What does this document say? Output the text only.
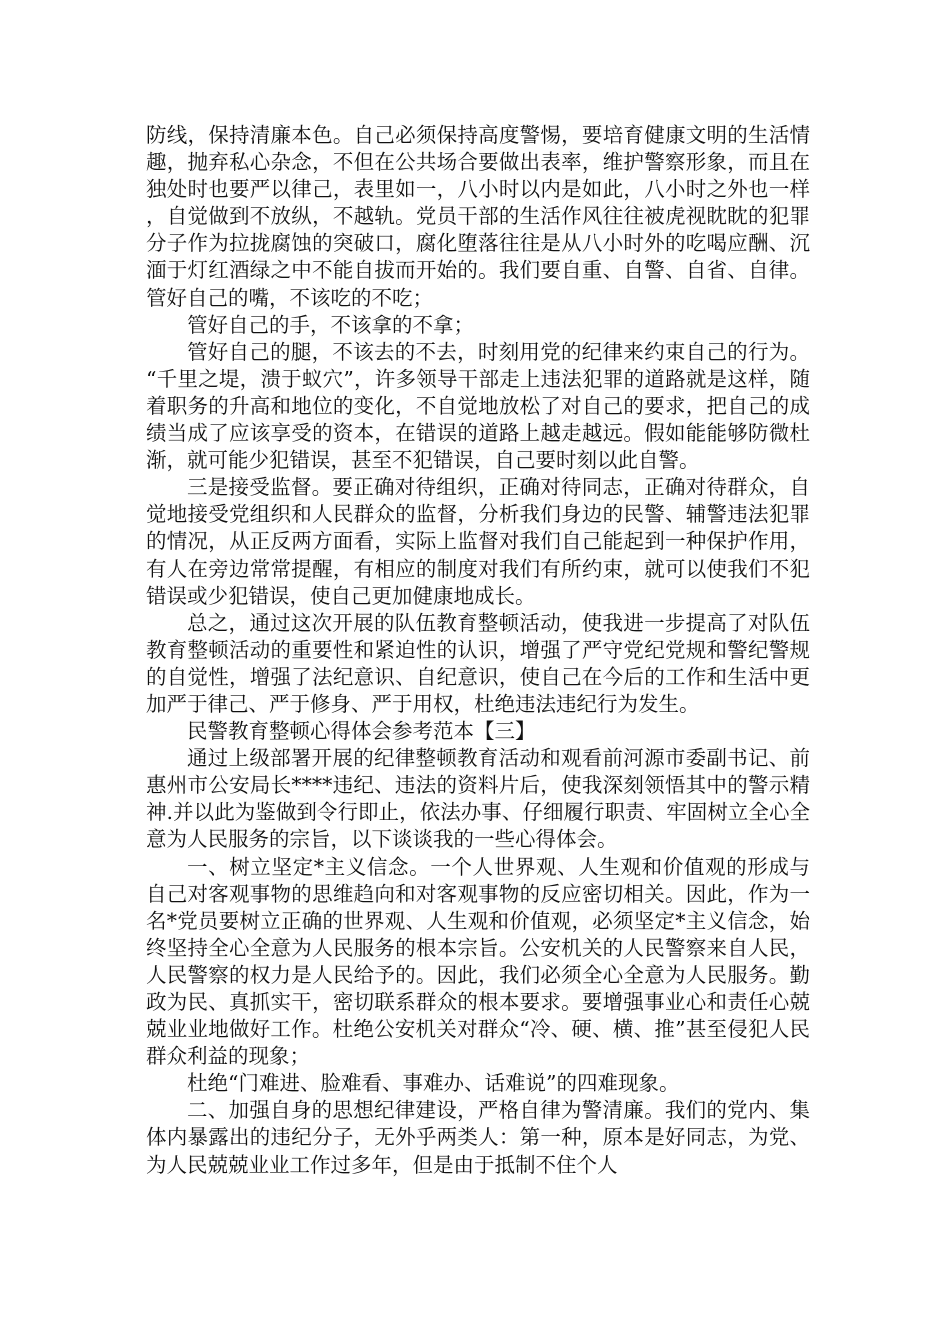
防线，保持清廉本色。自己必须保持高度警惕，要培育健康文明的生活情趣，抛弃私心杂念，不但在公共场合要做出表率，维护警察形象，而且在独处时也要严以律己，表里如一，八小时以内是如此，八小时之外也一样，自觉做到不放纵，不越轨。党员干部的生活作风往往被虎视眈眈的犯罪分子作为拉拢腐蚀的突破口，腐化堕落往往是从八小时外的吃喝应酬、沉湎于灯红酒绿之中不能自拔而开始的。我们要自重、自警、自省、自律。管好自己的嘴，不该吃的不吃；

管好自己的手，不该拿的不拿；

管好自己的腿，不该去的不去，时刻用党的纪律来约束自己的行为。“千里之堤，溃于蚁穴”，许多领导干部走上违法犯罪的道路就是这样，随着职务的升高和地位的变化，不自觉地放松了对自己的要求，把自己的成绩当成了应该享受的资本，在错误的道路上越走越远。假如能能够防微杜渐，就可能少犯错误，甚至不犯错误，自己要时刻以此自警。

三是接受监督。要正确对待组织，正确对待同志，正确对待群众，自觉地接受党组织和人民群众的监督，分析我们身边的民警、辅警违法犯罪的情况，从正反两方面看，实际上监督对我们自己能起到一种保护作用，有人在旁边常常提醒，有相应的制度对我们有所约束，就可以使我们不犯错误或少犯错误，使自己更加健康地成长。

总之，通过这次开展的队伍教育整顿活动，使我进一步提高了对队伍教育整顿活动的重要性和紧迫性的认识，增强了严守党纪党规和警纪警规的自觉性，增强了法纪意识、自纪意识，使自己在今后的工作和生活中更加严于律己、严于修身、严于用权，杜绝违法违纪行为发生。

民警教育整顿心得体会参考范本【三】

通过上级部署开展的纪律整顿教育活动和观看前河源市委副书记、前惠州市公安局长****违纪、违法的资料片后，使我深刻领悟其中的警示精神.并以此为鉴做到令行即止，依法办事、仔细履行职责、牢固树立全心全意为人民服务的宗旨，以下谈谈我的一些心得体会。

一、树立坚定*主义信念。一个人世界观、人生观和价值观的形成与自己对客观事物的思维趋向和对客观事物的反应密切相关。因此，作为一名*党员要树立正确的世界观、人生观和价值观，必须坚定*主义信念，始终坚持全心全意为人民服务的根本宗旨。公安机关的人民警察来自人民，人民警察的权力是人民给予的。因此，我们必须全心全意为人民服务。勤政为民、真抓实干，密切联系群众的根本要求。要增强事业心和责任心兢兢业业地做好工作。杜绝公安机关对群众“冷、硬、横、推”甚至侵犯人民群众利益的现象；

杜绝“门难进、脸难看、事难办、话难说”的四难现象。

二、加强自身的思想纪律建设，严格自律为警清廉。我们的党内、集体内暴露出的违纪分子，无外乎两类人：第一种，原本是好同志，为党、为人民兢兢业业工作过多年，但是由于抵制不住个人
